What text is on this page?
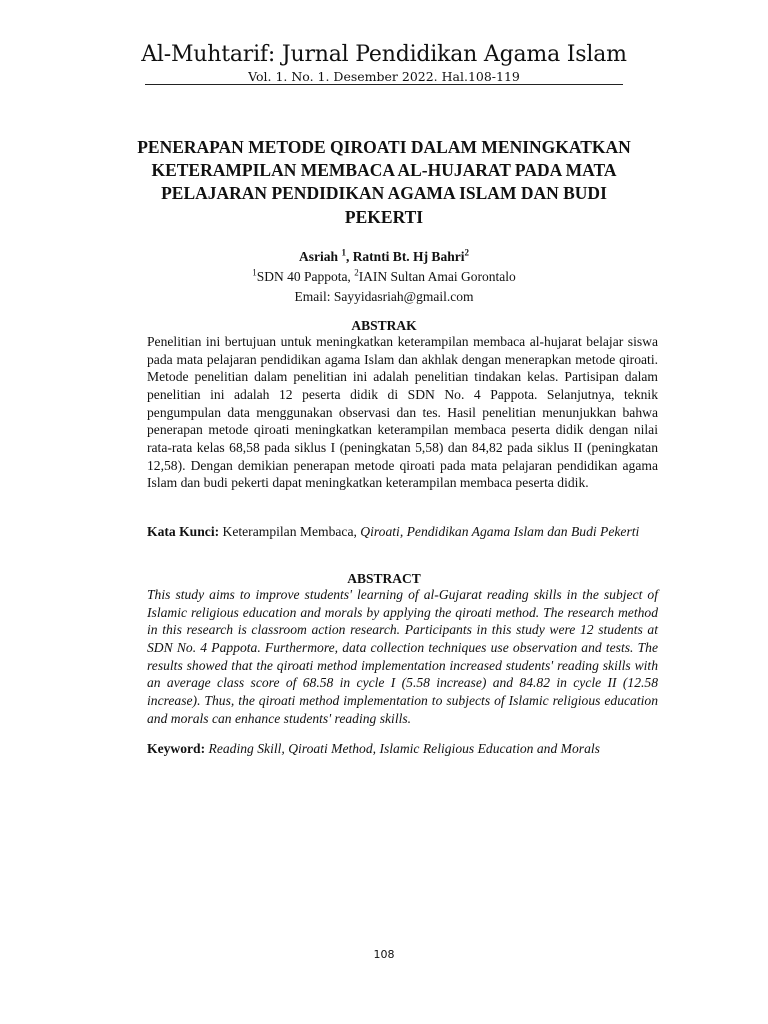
Al-Muhtarif: Jurnal Pendidikan Agama Islam

Vol. 1. No. 1. Desember 2022. Hal.108-119

PENERAPAN METODE QIROATI DALAM MENINGKATKAN KETERAMPILAN MEMBACA AL-HUJARAT PADA MATA PELAJARAN PENDIDIKAN AGAMA ISLAM DAN BUDI PEKERTI
Asriah $^1$, Ratnti Bt. Hj Bahri$^2$
$^1$SDN 40 Pappota, $^2$IAIN Sultan Amai Gorontalo
Email: Sayyidasriah@gmail.com

ABSTRAK

Penelitian ini bertujuan untuk meningkatkan keterampilan membaca al-hujarat belajar siswa pada mata pelajaran pendidikan agama Islam dan akhlak dengan menerapkan metode qiroati. Metode penelitian dalam penelitian ini adalah penelitian tindakan kelas. Partisipan dalam penelitian ini adalah 12 peserta didik di SDN No. 4 Pappota. Selanjutnya, teknik pengumpulan data menggunakan observasi dan tes. Hasil penelitian menunjukkan bahwa penerapan metode qiroati meningkatkan keterampilan membaca peserta didik dengan nilai rata-rata kelas 68,58 pada siklus I (peningkatan 5,58) dan 84,82 pada siklus II (peningkatan 12,58). Dengan demikian penerapan metode qiroati pada mata pelajaran pendidikan agama Islam dan budi pekerti dapat meningkatkan keterampilan membaca peserta didik.

Kata Kunci: Keterampilan Membaca, Qiroati, Pendidikan Agama Islam dan Budi Pekerti

ABSTRACT

This study aims to improve students' learning of al-Gujarat reading skills in the subject of Islamic religious education and morals by applying the qiroati method. The research method in this research is classroom action research. Participants in this study were 12 students at SDN No. 4 Pappota. Furthermore, data collection techniques use observation and tests. The results showed that the qiroati method implementation increased students' reading skills with an average class score of 68.58 in cycle I (5.58 increase) and 84.82 in cycle II (12.58 increase). Thus, the qiroati method implementation to subjects of Islamic religious education and morals can enhance students' reading skills.

Keyword: Reading Skill, Qiroati Method, Islamic Religious Education and Morals

108
